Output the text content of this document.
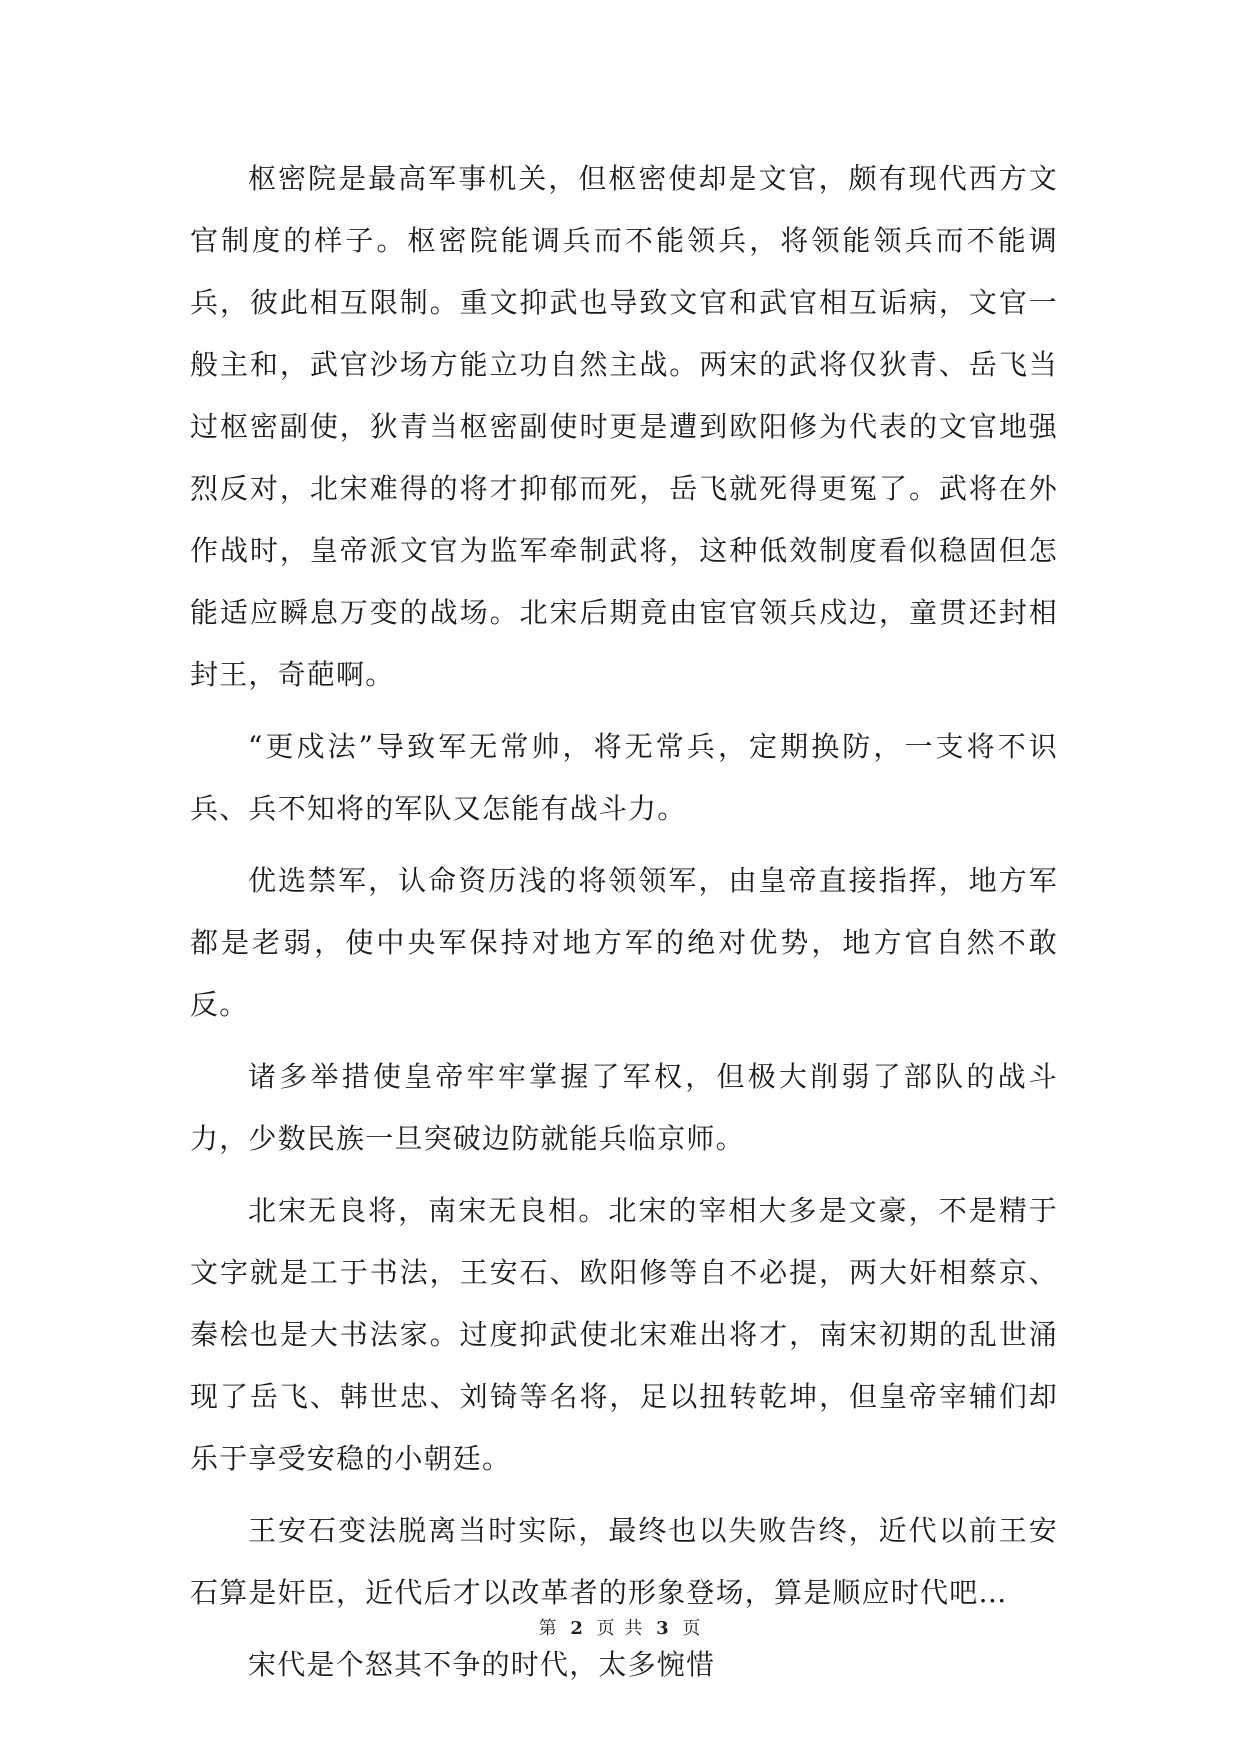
枢密院是最高军事机关，但枢密使却是文官，颇有现代西方文官制度的样子。枢密院能调兵而不能领兵，将领能领兵而不能调兵，彼此相互限制。重文抑武也导致文官和武官相互诟病，文官一般主和，武官沙场方能立功自然主战。两宋的武将仅狄青、岳飞当过枢密副使，狄青当枢密副使时更是遭到欧阳修为代表的文官地强烈反对，北宋难得的将才抑郁而死，岳飞就死得更冤了。武将在外作战时，皇帝派文官为监军牵制武将，这种低效制度看似稳固但怎能适应瞬息万变的战场。北宋后期竟由宦官领兵戍边，童贯还封相封王，奇葩啊。

“更戍法”导致军无常帅，将无常兵，定期换防，一支将不识兵、兵不知将的军队又怎能有战斗力。

优选禁军，认命资历浅的将领领军，由皇帝直接指挥，地方军都是老弱，使中央军保持对地方军的绝对优势，地方官自然不敢反。

诸多举措使皇帝牢牢掌握了军权，但极大削弱了部队的战斗力，少数民族一旦突破边防就能兵临京师。

北宋无良将，南宋无良相。北宋的宰相大多是文豪，不是精于文字就是工于书法，王安石、欧阳修等自不必提，两大奸相蔡京、秦桧也是大书法家。过度抑武使北宋难出将才，南宋初期的乱世涌现了岳飞、韩世忠、刘锜等名将，足以扭转乾坤，但皇帝宰辅们却乐于享受安稳的小朝廷。

王安石变法脱离当时实际，最终也以失败告终，近代以前王安石算是奸臣，近代后才以改革者的形象登场，算是顺应时代吧…

宋代是个怒其不争的时代，太多惋惜

第 2 页 共 3 页
